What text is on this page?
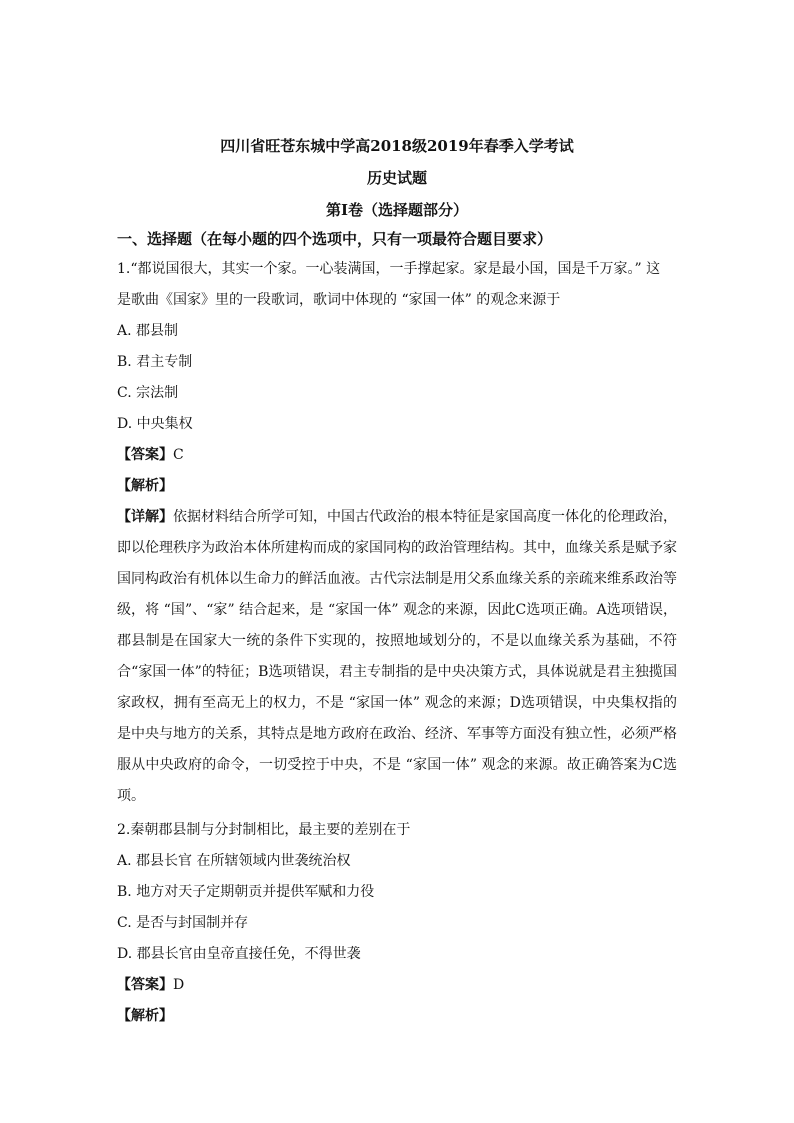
四川省旺苍东城中学高2018级2019年春季入学考试
历史试题
第Ⅰ卷（选择题部分）
一、选择题（在每小题的四个选项中，只有一项最符合题目要求）
1.“都说国很大，其实一个家。一心装满国，一手撑起家。家是最小国，国是千万家。” 这
是歌曲《国家》里的一段歌词，歌词中体现的 “家国一体” 的观念来源于
A. 郡县制
B. 君主专制
C. 宗法制
D. 中央集权
【答案】C
【解析】
【详解】依据材料结合所学可知，中国古代政治的根本特征是家国高度一体化的伦理政治，即以伦理秩序为政治本体所建构而成的家国同构的政治管理结构。其中，血缘关系是赋予家国同构政治有机体以生命力的鲜活血液。古代宗法制是用父系血缘关系的亲疏来维系政治等级，将 “国”、“家” 结合起来，是 “家国一体” 观念的来源，因此C选项正确。A选项错误，郡县制是在国家大一统的条件下实现的，按照地域划分的，不是以血缘关系为基础，不符合“家国一体”的特征；B选项错误，君主专制指的是中央决策方式，具体说就是君主独揽国家政权，拥有至高无上的权力，不是 “家国一体” 观念的来源；D选项错误，中央集权指的是中央与地方的关系，其特点是地方政府在政治、经济、军事等方面没有独立性，必须严格服从中央政府的命令，一切受控于中央，不是 “家国一体” 观念的来源。故正确答案为C选项。
2.秦朝郡县制与分封制相比，最主要的差别在于
A. 郡县长官 在所辖领域内世袭统治权
B. 地方对天子定期朝贡并提供军赋和力役
C. 是否与封国制并存
D. 郡县长官由皇帝直接任免，不得世袭
【答案】D
【解析】
